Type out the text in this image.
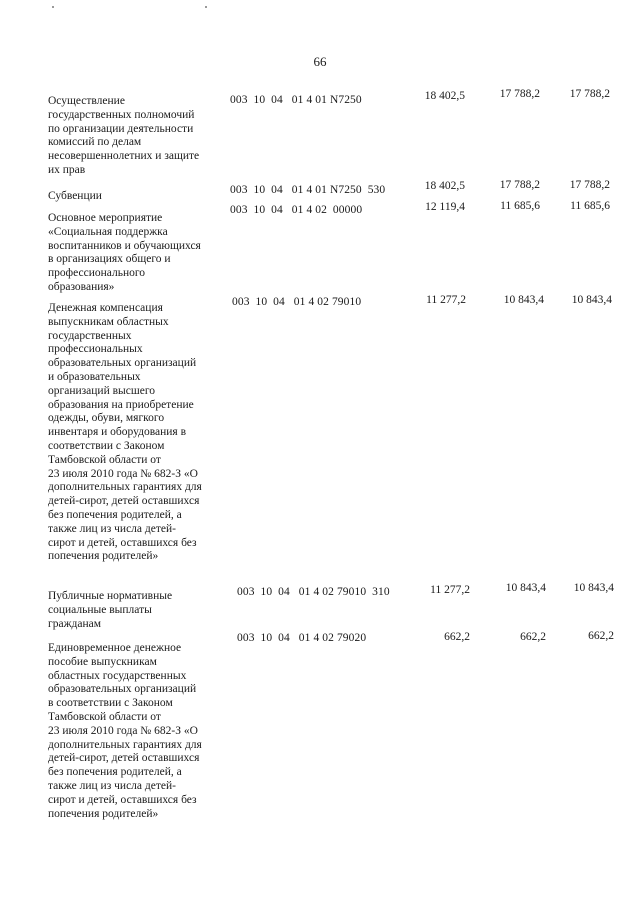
66
Осуществление
государственных полномочий
по организации деятельности
комиссий по делам
несовершеннолетних и защите
их прав
003  10  04   01 4 01 N7250	18 402,5	17 788,2	17 788,2
Субвенции	003  10  04   01 4 01 N7250  530	18 402,5	17 788,2	17 788,2
Основное мероприятие
«Социальная поддержка
воспитанников и обучающихся
в организациях общего и
профессионального
образования»
003  10  04   01 4 02  00000	12 119,4	11 685,6	11 685,6
Денежная компенсация
выпускникам областных
государственных
профессиональных
образовательных организаций
и образовательных
организаций высшего
образования на приобретение
одежды, обуви, мягкого
инвентаря и оборудования в
соответствии с Законом
Тамбовской области от
23 июля 2010 года № 682-З «О
дополнительных гарантиях для
детей-сирот, детей оставшихся
без попечения родителей, а
также лиц из числа детей-
сирот и детей, оставшихся без
попечения родителей»
003  10  04   01 4 02 79010	11 277,2	10 843,4	10 843,4
Публичные нормативные
социальные выплаты
гражданам
003  10  04   01 4 02 79010  310	11 277,2	10 843,4	10 843,4
Единовременное денежное
пособие выпускникам
областных государственных
образовательных организаций
в соответствии с Законом
Тамбовской области от
23 июля 2010 года № 682-З «О
дополнительных гарантиях для
детей-сирот, детей оставшихся
без попечения родителей, а
также лиц из числа детей-
сирот и детей, оставшихся без
попечения родителей»
003  10  04   01 4 02 79020	662,2	662,2	662,2
